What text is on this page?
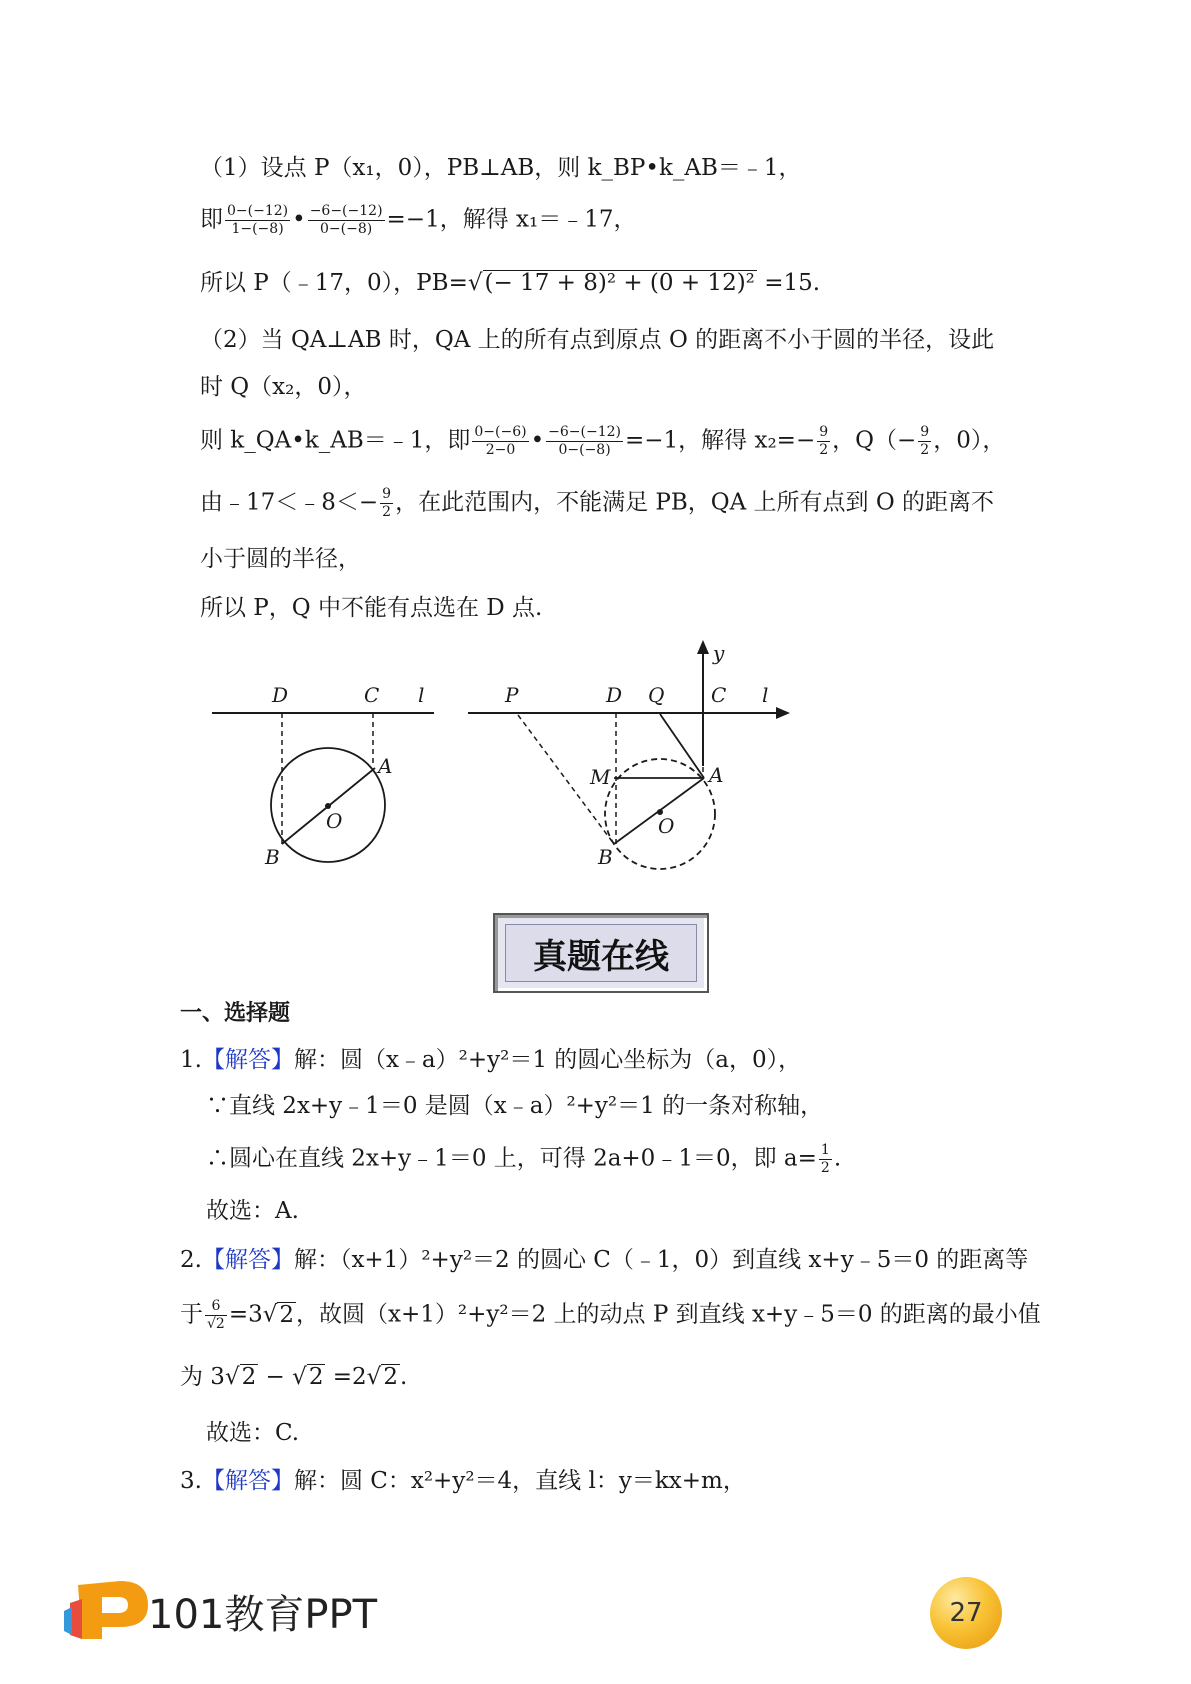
（1）设点 P（x₁，0），PB⊥AB，则 k_BP•k_AB＝﹣1，
即 $\frac{0-(-12)}{1-(-8)}$ • $\frac{-6-(-12)}{0-(-8)} =-1$，解得 x₁＝﹣17，
所以 P（﹣17，0），PB=√(− 17 + 8)² + (0 + 12)² =15.
（2）当 QA⊥AB 时，QA 上的所有点到原点 O 的距离不小于圆的半径，设此
时 Q（x₂，0），
则 k_QA•k_AB＝﹣1，即 $\frac{0-(-6)}{2-0}$ • $\frac{-6-(-12)}{0-(-8)} =-1$，解得 $x_2=- \frac{9}{2}$ ，$Q(- \frac{9}{2}$ ，0），
由﹣17＜﹣8＜− $\frac{9}{2}$ ，在此范围内，不能满足 PB，QA 上所有点到 O 的距离不
小于圆的半径，
所以 P，Q 中不能有点选在 D 点.
D	C l
A
O
B
y
P	D Q C l
M	A
O
B
真题在线
一、选择题
1.【解答】解：圆（x﹣a）²+y²＝1 的圆心坐标为（a，0），
∵直线 2x+y﹣1＝0 是圆（x﹣a）²+y²＝1 的一条对称轴，
∴圆心在直线 2x+y﹣1＝0 上，可得 2a+0﹣1＝0，即 $a= \frac{1}{2}$ .
故选：A.
2.【解答】解：（x+1）²+y²＝2 的圆心 C（﹣1，0）到直线 x+y﹣5＝0 的距离等
于 $\frac{6}{√2} =3√2$，故圆（x+1）²+y²＝2 上的动点 P 到直线 x+y﹣5＝0 的距离的最小值
为 3√2 − √2 =2√2.
故选：C.
3.【解答】解：圆 C：x²+y²＝4，直线 l：y＝kx+m，
101教育PPT	27
